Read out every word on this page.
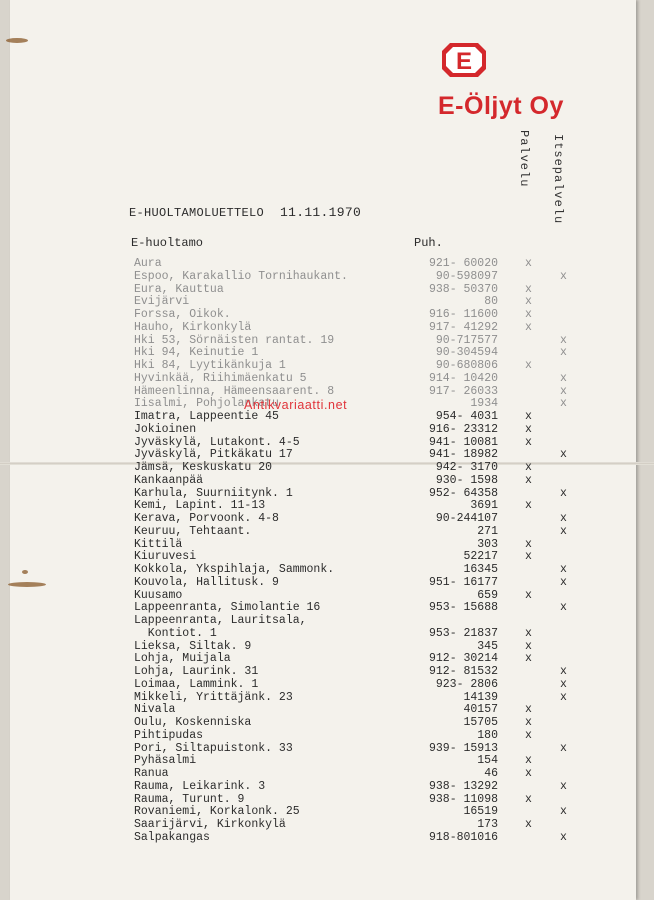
E
E-Öljyt Oy
Palvelu Itsepalvelu
E-HUOLTAMOLUETTELO 11.11.1970
E-huoltamo	Puh.
Aura	921- 60020 x
Espoo, Karakallio Tornihaukant.	90-598097	x
Eura, Kauttua	938- 50370 x
Evijärvi	80 x
Forssa, Oikok.	916- 11600 x
Hauho, Kirkonkylä	917- 41292 x
Hki 53, Sörnäisten rantat. 19	90-717577	x
Hki 94, Keinutie 1	90-304594	x
Hki 84, Lyytikänkuja 1	90-680806 x
Hyvinkää, Riihimäenkatu 5	914- 10420	x
Hämeenlinna, Hämeensaarent. 8	917- 26033	x
Iisalmi, Pohjolankatu	1934	x
Imatra, Lappeentie 45	954- 4031 x
Jokioinen	916- 23312 x
Jyväskylä, Lutakont. 4-5	941- 10081 x
Jyväskylä, Pitkäkatu 17	941- 18982	x
Jämsä, Keskuskatu 20	942- 3170 x
Kankaanpää	930- 1598 x
Karhula, Suurniitynk. 1	952- 64358	x
Kemi, Lapint. 11-13	3691 x
Kerava, Porvoonk. 4-8	90-244107	x
Keuruu, Tehtaant.	271	x
Kittilä	303 x
Kiuruvesi	52217 x
Kokkola, Ykspihlaja, Sammonk.	16345	x
Kouvola, Hallitusk. 9	951- 16177	x
Kuusamo	659 x
Lappeenranta, Simolantie 16	953- 15688	x
Lappeenranta, Lauritsala,
Kontiot. 1	953- 21837 x
Lieksa, Siltak. 9	345 x
Lohja, Muijala	912- 30214 x
Lohja, Laurink. 31	912- 81532	x
Loimaa, Lammink. 1	923- 2806	x
Mikkeli, Yrittäjänk. 23	14139	x
Nivala	40157 x
Oulu, Koskenniska	15705 x
Pihtipudas	180 x
Pori, Siltapuistonk. 33	939- 15913	x
Pyhäsalmi	154 x
Ranua	46 x
Rauma, Leikarink. 3	938- 13292	x
Rauma, Turunt. 9	938- 11098 x
Rovaniemi, Korkalonk. 25	16519	x
Saarijärvi, Kirkonkylä	173 x
Salpakangas	918-801016	x
Antikvariaatti.net
